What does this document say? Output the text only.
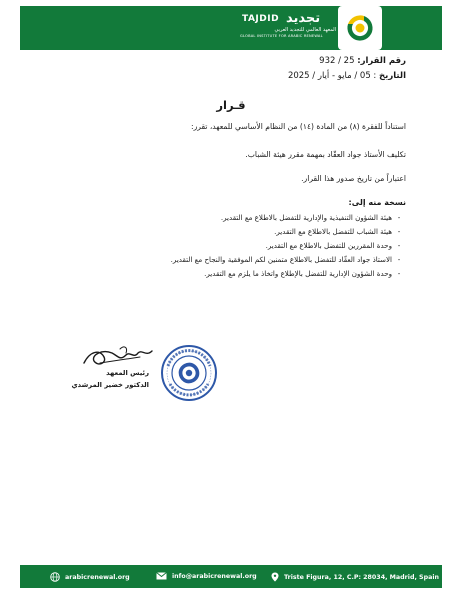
TAJDID تجديد
المعهد العالمي للتجديد العربي
GLOBAL INSTITUTE FOR ARABIC RENEWAL
رقم القرار: 932 / 25
التاريخ : 05 / مايو - أيار / 2025
قـرار
استناداً للفقرة (٨) من المادة (١٤) من النظام الأساسي للمعهد، تقرر:
تكليف الأستاذ جواد العقّاد بمهمة مقرر هيئة الشباب.
اعتباراً من تاريخ صدور هذا القرار.
نسخة منه إلى:
-هيئة الشؤون التنفيذية والإدارية للتفضل بالاطلاع مع التقدير.
-هيئة الشباب للتفضل بالاطلاع مع التقدير.
-وحدة المقررين للتفضل بالاطلاع مع التقدير.
-الاستاذ جواد العقّاد للتفضل بالاطلاع متمنين لكم الموفقية والنجاح مع التقدير.
-وحدة الشؤون الإدارية للتفضل بالإطلاع واتخاذ ما يلزم مع التقدير.
رئيس المعهد
الدكتور خضير المرشدي
arabicrenewal.org	info@arabicrenewal.org	Triste Figura, 12, C.P: 28034, Madrid, Spain
